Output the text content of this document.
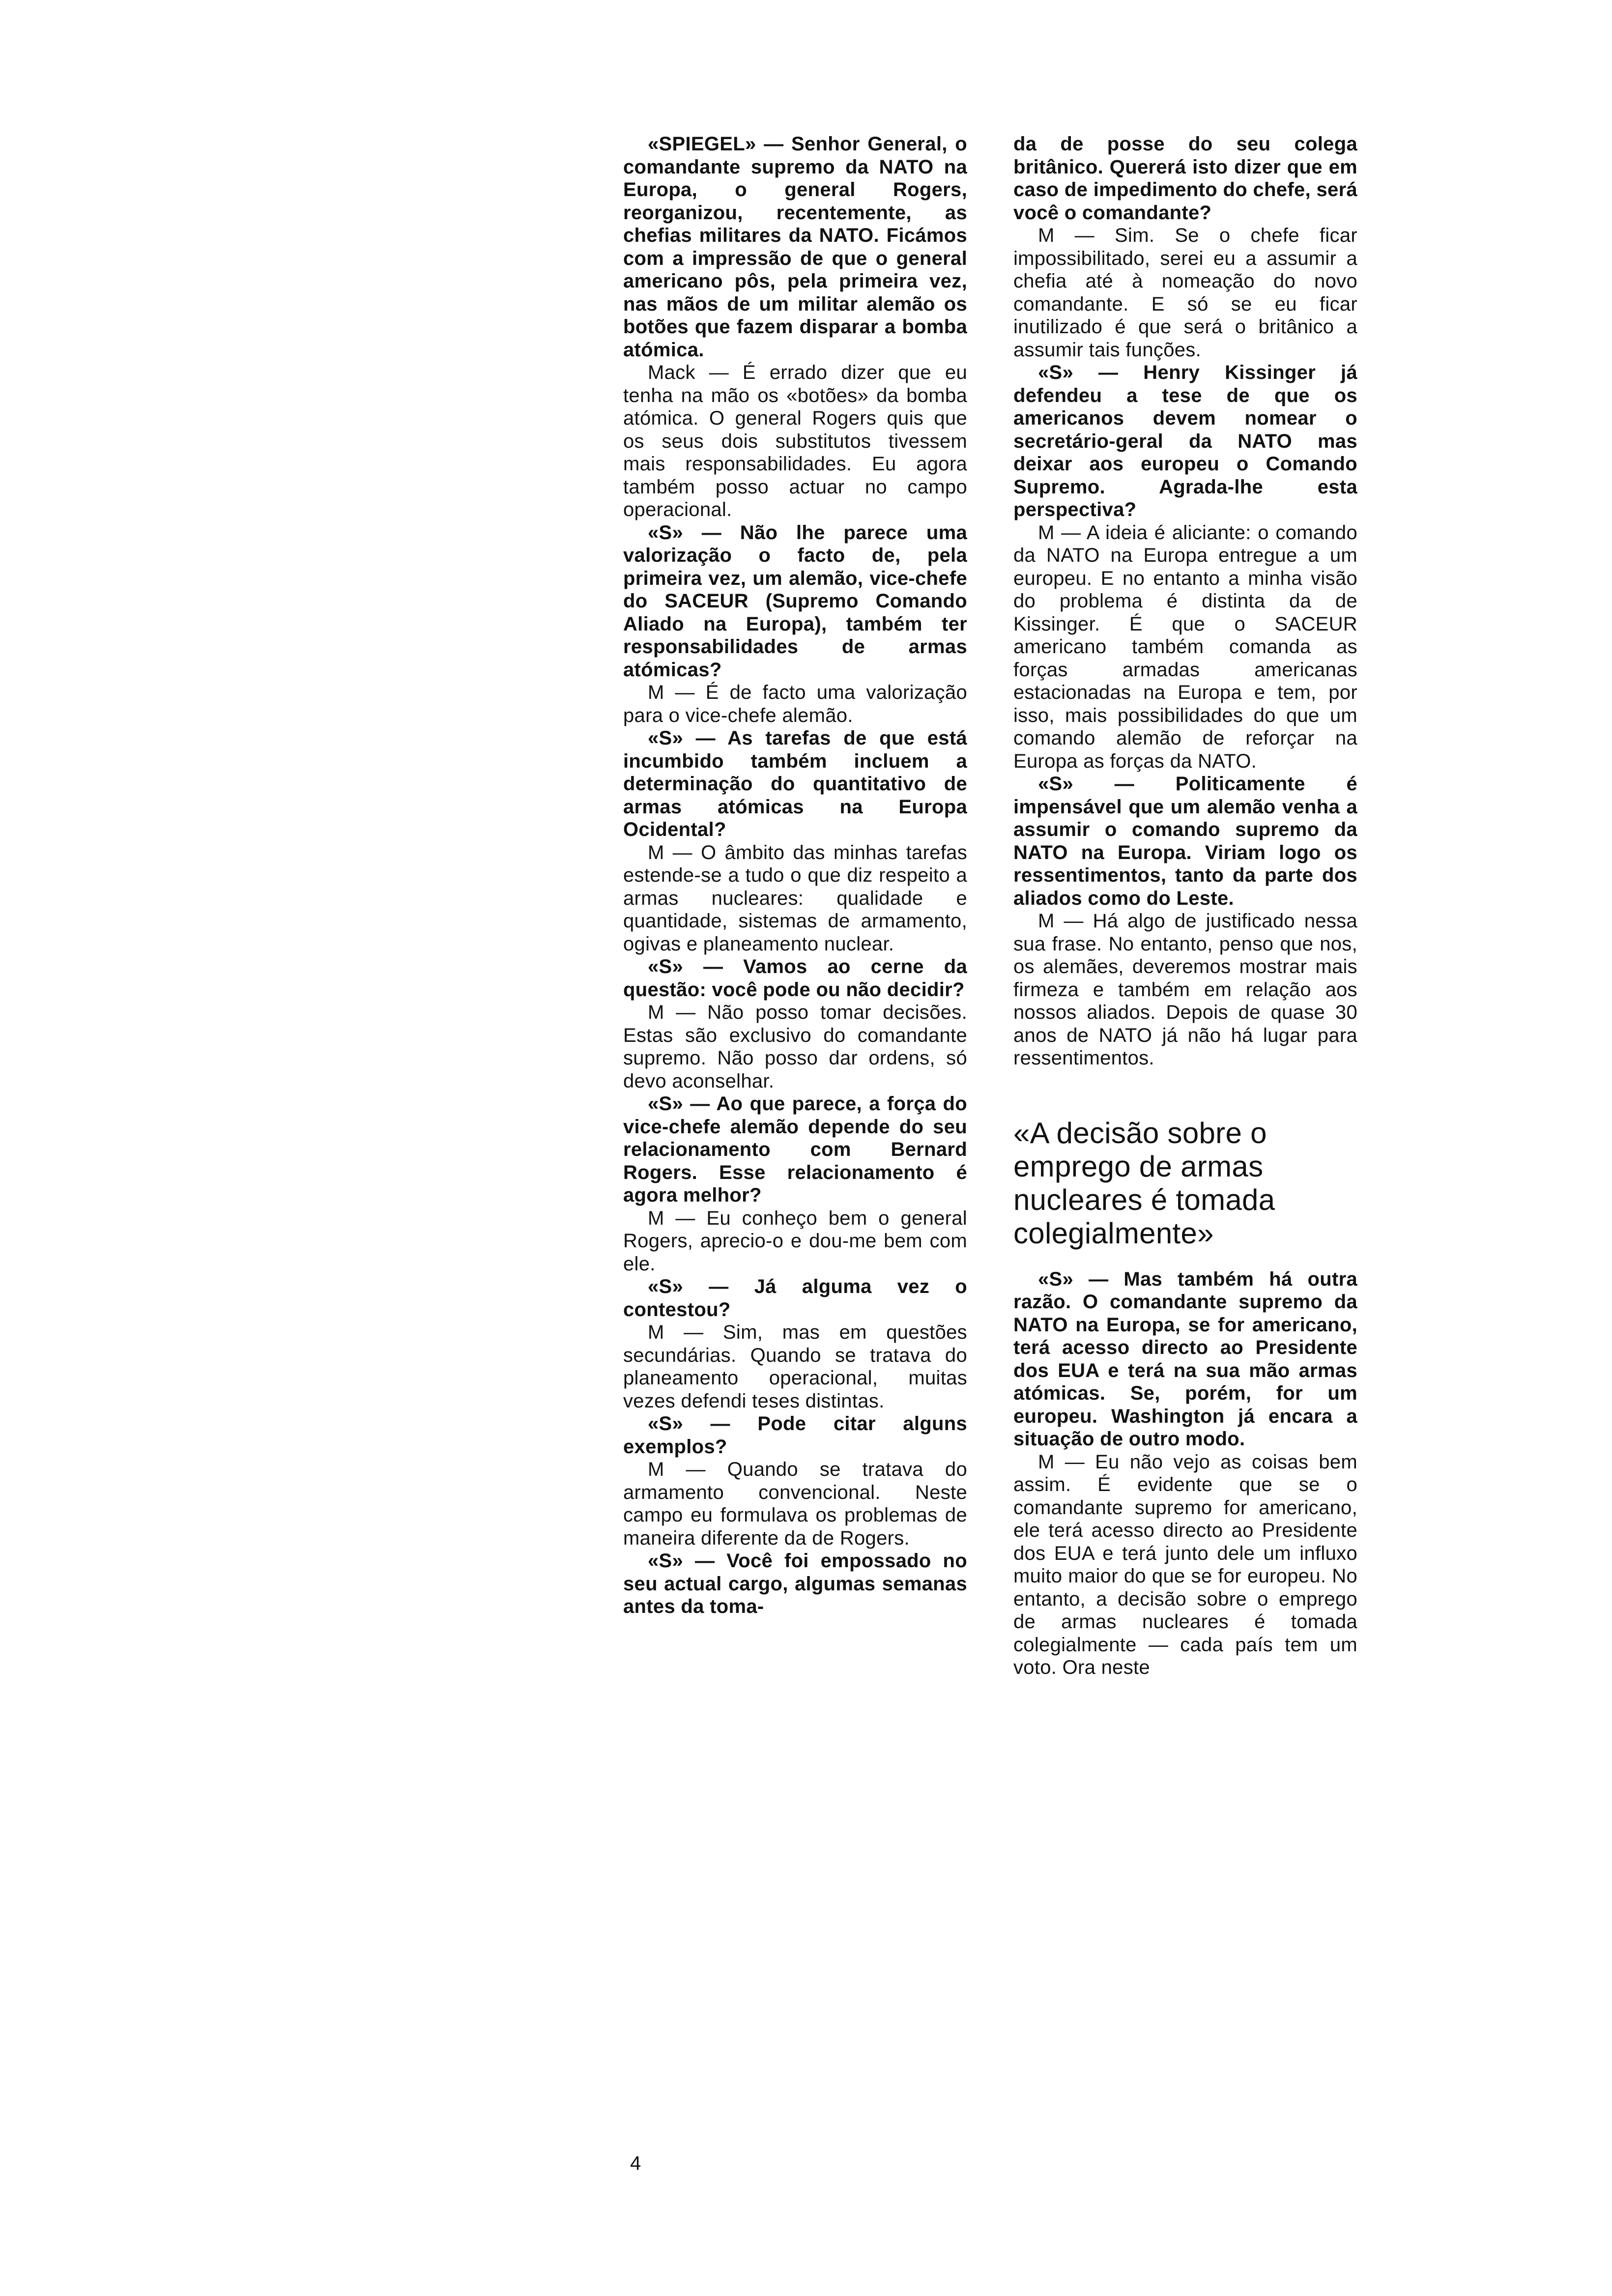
«SPIEGEL» — Senhor General, o comandante supremo da NATO na Europa, o general Rogers, reorganizou, recentemente, as chefias militares da NATO. Ficámos com a impressão de que o general americano pôs, pela primeira vez, nas mãos de um militar alemão os botões que fazem disparar a bomba atómica.

Mack — É errado dizer que eu tenha na mão os «botões» da bomba atómica. O general Rogers quis que os seus dois substitutos tivessem mais responsabilidades. Eu agora também posso actuar no campo operacional.

«S» — Não lhe parece uma valorização o facto de, pela primeira vez, um alemão, vice-chefe do SACEUR (Supremo Comando Aliado na Europa), também ter responsabilidades de armas atómicas?

M — É de facto uma valorização para o vice-chefe alemão.

«S» — As tarefas de que está incumbido também incluem a determinação do quantitativo de armas atómicas na Europa Ocidental?

M — O âmbito das minhas tarefas estende-se a tudo o que diz respeito a armas nucleares: qualidade e quantidade, sistemas de armamento, ogivas e planeamento nuclear.

«S» — Vamos ao cerne da questão: você pode ou não decidir?

M — Não posso tomar decisões. Estas são exclusivo do comandante supremo. Não posso dar ordens, só devo aconselhar.

«S» — Ao que parece, a força do vice-chefe alemão depende do seu relacionamento com Bernard Rogers. Esse relacionamento é agora melhor?

M — Eu conheço bem o general Rogers, aprecio-o e dou-me bem com ele.

«S» — Já alguma vez o contestou?

M — Sim, mas em questões secundárias. Quando se tratava do planeamento operacional, muitas vezes defendi teses distintas.

«S» — Pode citar alguns exemplos?

M — Quando se tratava do armamento convencional. Neste campo eu formulava os problemas de maneira diferente da de Rogers.

«S» — Você foi empossado no seu actual cargo, algumas semanas antes da toma-

da de posse do seu colega britânico. Quererá isto dizer que em caso de impedimento do chefe, será você o comandante?

M — Sim. Se o chefe ficar impossibilitado, serei eu a assumir a chefia até à nomeação do novo comandante. E só se eu ficar inutilizado é que será o britânico a assumir tais funções.

«S» — Henry Kissinger já defendeu a tese de que os americanos devem nomear o secretário-geral da NATO mas deixar aos europeu o Comando Supremo. Agrada-lhe esta perspectiva?

M — A ideia é aliciante: o comando da NATO na Europa entregue a um europeu. E no entanto a minha visão do problema é distinta da de Kissinger. É que o SACEUR americano também comanda as forças armadas americanas estacionadas na Europa e tem, por isso, mais possibilidades do que um comando alemão de reforçar na Europa as forças da NATO.

«S» — Politicamente é impensável que um alemão venha a assumir o comando supremo da NATO na Europa. Viriam logo os ressentimentos, tanto da parte dos aliados como do Leste.

M — Há algo de justificado nessa sua frase. No entanto, penso que nos, os alemães, deveremos mostrar mais firmeza e também em relação aos nossos aliados. Depois de quase 30 anos de NATO já não há lugar para ressentimentos.

«A decisão sobre o emprego de armas nucleares é tomada colegialmente»

«S» — Mas também há outra razão. O comandante supremo da NATO na Europa, se for americano, terá acesso directo ao Presidente dos EUA e terá na sua mão armas atómicas. Se, porém, for um europeu. Washington já encara a situação de outro modo.

M — Eu não vejo as coisas bem assim. É evidente que se o comandante supremo for americano, ele terá acesso directo ao Presidente dos EUA e terá junto dele um influxo muito maior do que se for europeu. No entanto, a decisão sobre o emprego de armas nucleares é tomada colegialmente — cada país tem um voto. Ora neste

4
